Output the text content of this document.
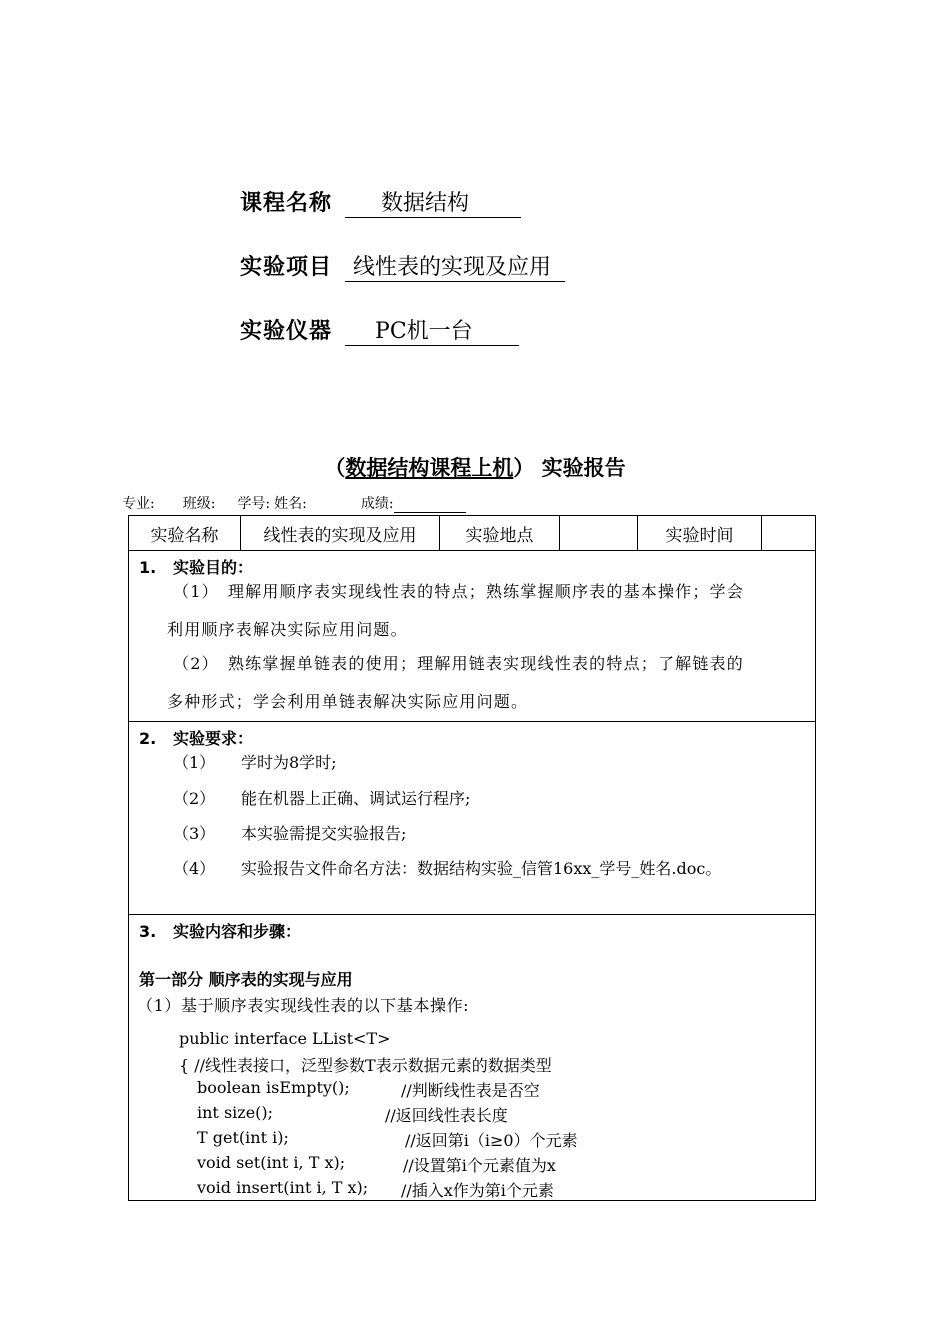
课程名称 数据结构
实验项目 线性表的实现及应用
实验仪器 PC机一台
（数据结构课程上机） 实验报告
专业: 班级: 学号: 姓名:	成绩:
实验名称	线性表的实现及应用	实验地点		实验时间	
1. 实验目的：
（1）　理解用顺序表实现线性表的特点；熟练掌握顺序表的基本操作；学会
利用顺序表解决实际应用问题。
（2）　熟练掌握单链表的使用；理解用链表实现线性表的特点；了解链表的
多种形式；学会利用单链表解决实际应用问题。
2. 实验要求：
（1） 学时为8学时;
（2） 能在机器上正确、调试运行程序;
（3） 本实验需提交实验报告;
（4） 实验报告文件命名方法：数据结构实验_信管16xx_学号_姓名.doc。
3. 实验内容和步骤：
第一部分 顺序表的实现与应用
（1）基于顺序表实现线性表的以下基本操作:
public interface LList<T>
{ //线性表接口，泛型参数T表示数据元素的数据类型
boolean isEmpty();	//判断线性表是否空
int size();	//返回线性表长度
T get(int i);	//返回第i（i≥0）个元素
void set(int i, T x);	//设置第i个元素值为x
void insert(int i, T x); //插入x作为第i个元素
